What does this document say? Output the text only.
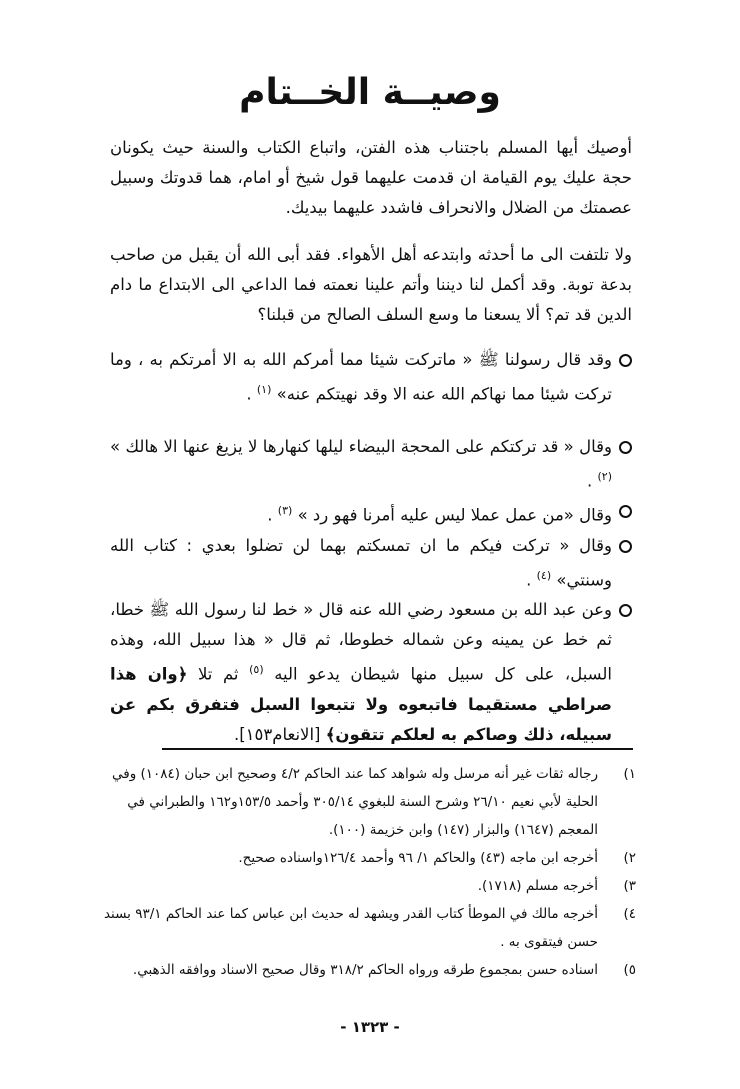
وصيــة الخــتام
أوصيك أيها المسلم باجتناب هذه الفتن، واتباع الكتاب والسنة حيث يكونان حجة عليك يوم القيامة ان قدمت عليهما قول شيخ أو امام، هما قدوتك وسبيل عصمتك من الضلال والانحراف فاشدد عليهما بيديك.
ولا تلتفت الى ما أحدثه وابتدعه أهل الأهواء. فقد أبى الله أن يقبل من صاحب بدعة توبة. وقد أكمل لنا ديننا وأتم علينا نعمته فما الداعي الى الابتداع ما دام الدين قد تم؟ ألا يسعنا ما وسع السلف الصالح من قبلنا؟
وقد قال رسولنا ﷺ « ماتركت شيئا مما أمركم الله به الا أمرتكم به ، وما تركت شيئا مما نهاكم الله عنه الا وقد نهيتكم عنه» $^{(١)}$ .
وقال « قد تركتكم على المحجة البيضاء ليلها كنهارها لا يزيغ عنها الا هالك » $^{(٢)}$ .
وقال «من عمل عملا ليس عليه أمرنا فهو رد » $^{(٣)}$ .
وقال « تركت فيكم ما ان تمسكتم بهما لن تضلوا بعدي : كتاب الله وسنتي» $^{(٤)}$ .
وعن عبد الله بن مسعود رضي الله عنه قال « خط لنا رسول الله ﷺ خطا، ثم خط عن يمينه وعن شماله خطوطا، ثم قال « هذا سبيل الله، وهذه السبل، على كل سبيل منها شيطان يدعو اليه $^{(٥)}$ ثم تلا ﴿وان هذا صراطي مستقيما فاتبعوه ولا تتبعوا السبل فتفرق بكم عن سبيله، ذلك وصاكم به لعلكم تتقون﴾ [الانعام١٥٣].
١)
رجاله ثقات غير أنه مرسل وله شواهد كما عند الحاكم ٤/٢ وصحيح ابن حبان (١٠٨٤) وفي الحلية لأبي نعيم ٢٦/١٠ وشرح السنة للبغوي ٣٠٥/١٤ وأحمد ١٥٣/٥و١٦٢ والطبراني في المعجم (١٦٤٧) والبزار (١٤٧) وابن خزيمة (١٠٠).
٢)
أخرجه ابن ماجه (٤٣) والحاكم ١/ ٩٦ وأحمد ١٢٦/٤واسناده صحيح.
٣)
أخرجه مسلم (١٧١٨).
٤)
أخرجه مالك في الموطأ كتاب القدر ويشهد له حديث ابن عباس كما عند الحاكم ٩٣/١ بسند حسن فيتقوى به .
٥)
اسناده حسن بمجموع طرقه ورواه الحاكم ٣١٨/٢ وقال صحيح الاسناد ووافقه الذهبي.
- ١٣٢٣ -
